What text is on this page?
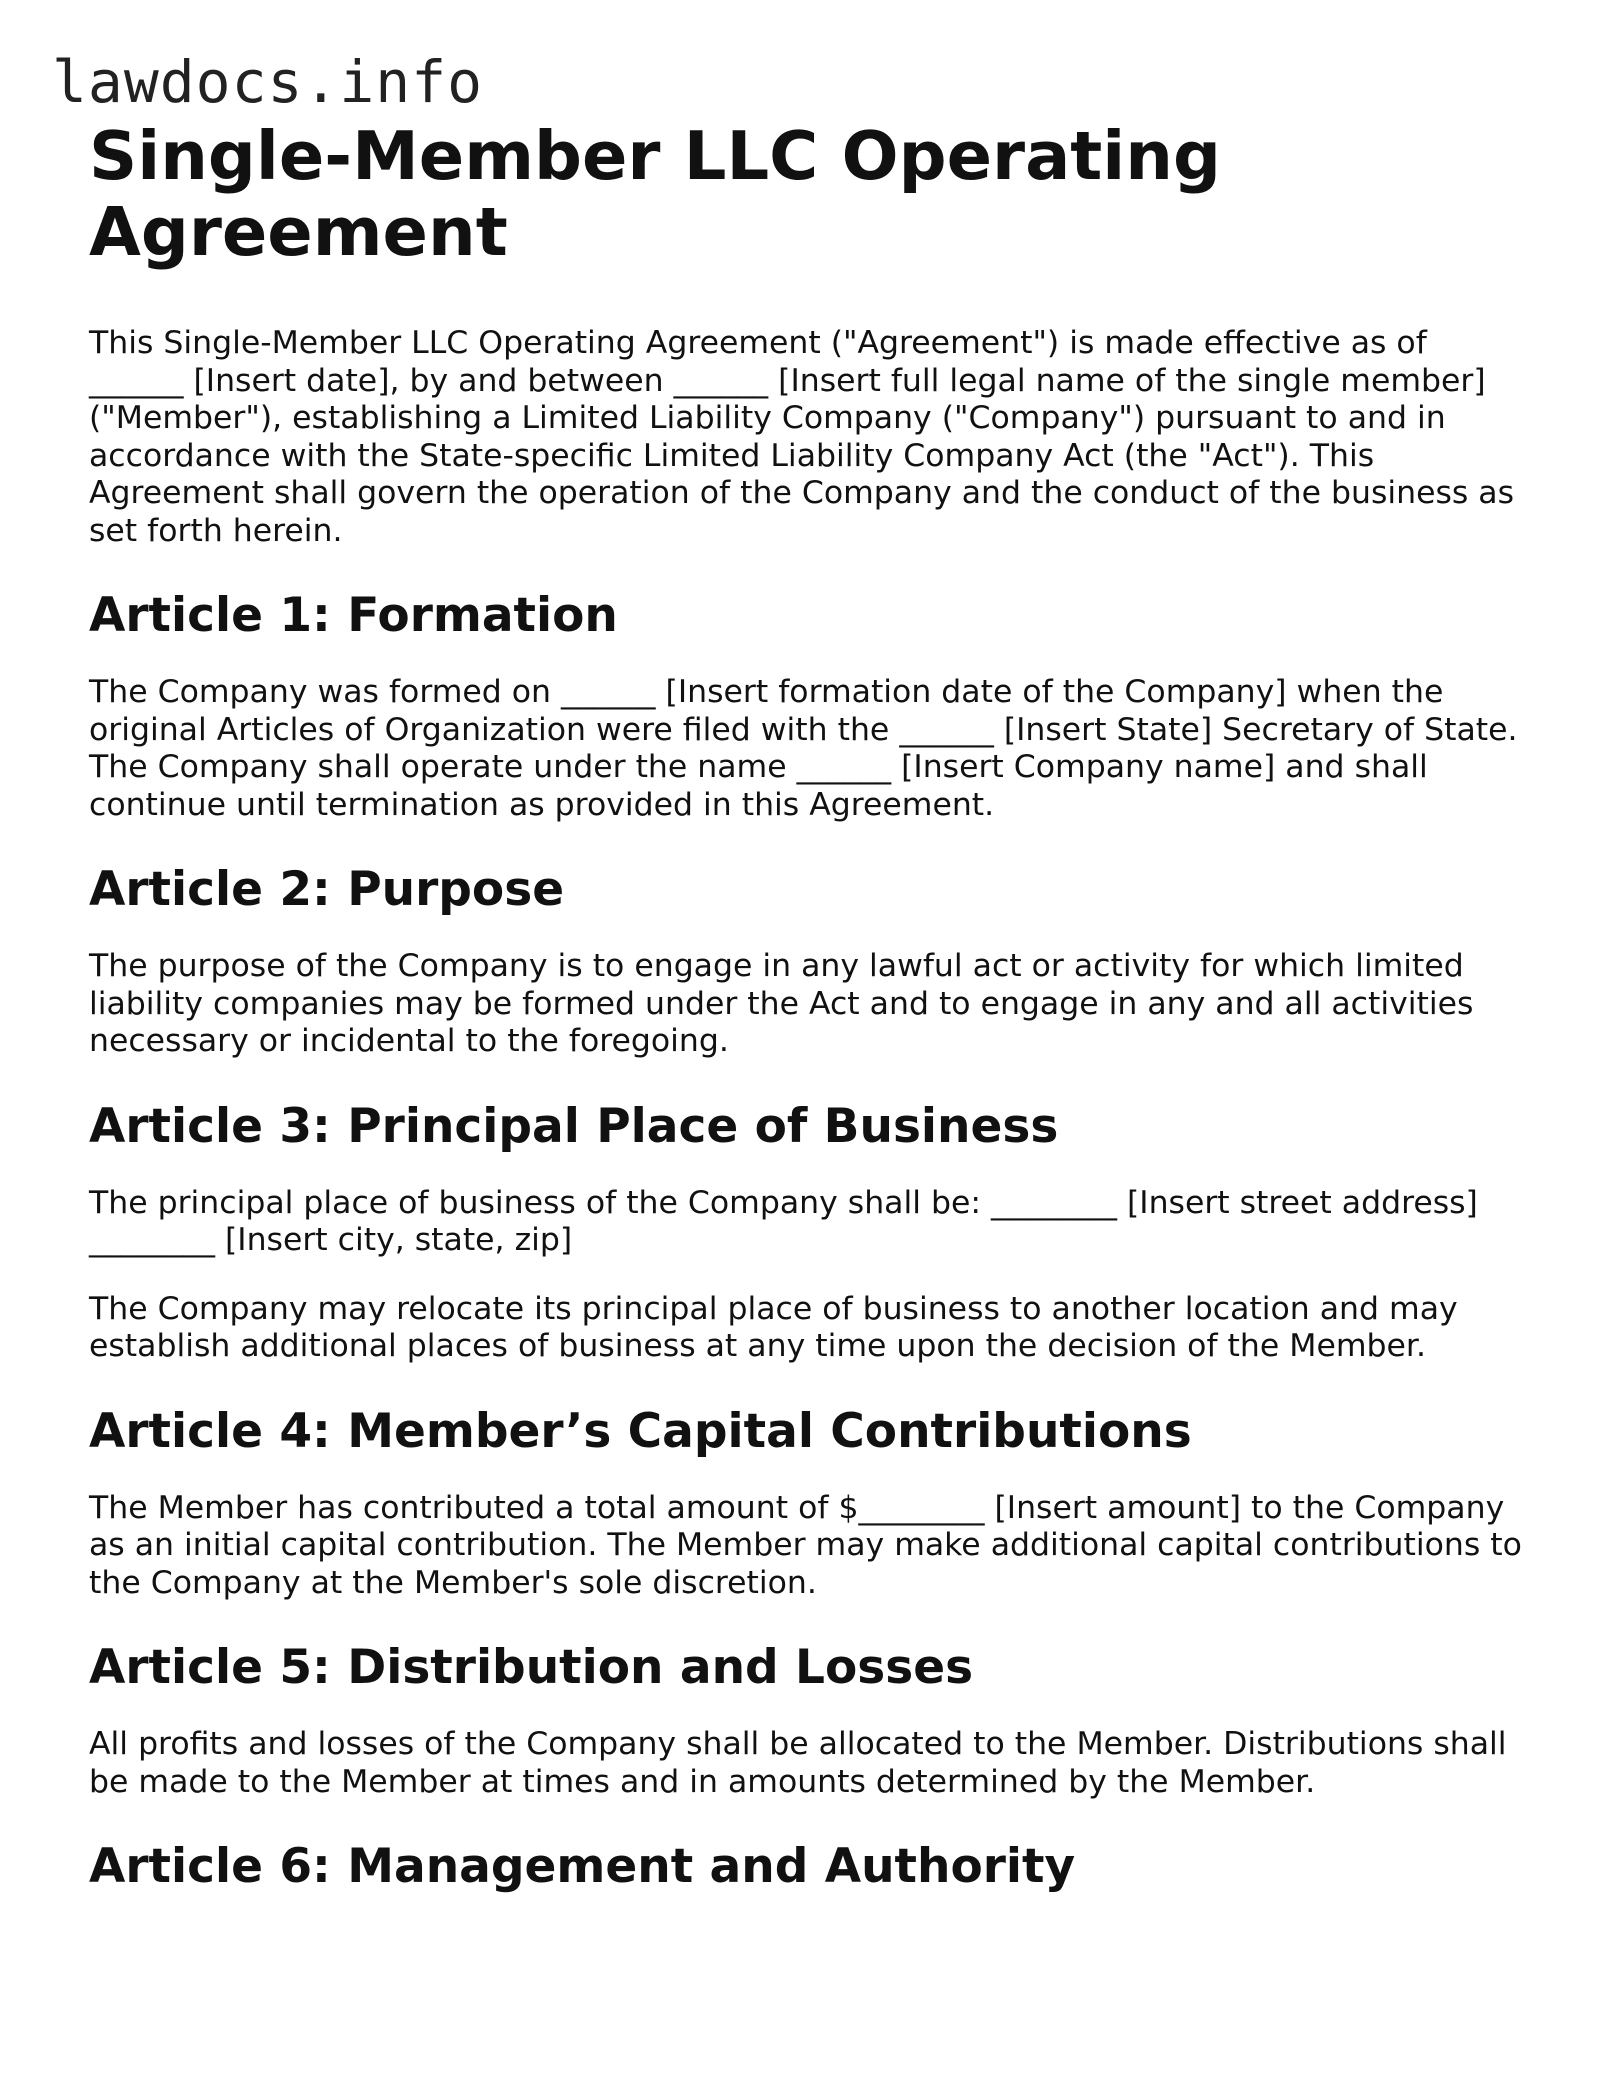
lawdocs.info
Single-Member LLC Operating Agreement

This Single-Member LLC Operating Agreement ("Agreement") is made effective as of ______ [Insert date], by and between ______ [Insert full legal name of the single member] ("Member"), establishing a Limited Liability Company ("Company") pursuant to and in accordance with the State-specific Limited Liability Company Act (the "Act"). This Agreement shall govern the operation of the Company and the conduct of the business as set forth herein.

Article 1: Formation

The Company was formed on ______ [Insert formation date of the Company] when the original Articles of Organization were filed with the ______ [Insert State] Secretary of State. The Company shall operate under the name ______ [Insert Company name] and shall continue until termination as provided in this Agreement.

Article 2: Purpose

The purpose of the Company is to engage in any lawful act or activity for which limited liability companies may be formed under the Act and to engage in any and all activities necessary or incidental to the foregoing.

Article 3: Principal Place of Business

The principal place of business of the Company shall be: ________ [Insert street address] ________ [Insert city, state, zip]

The Company may relocate its principal place of business to another location and may establish additional places of business at any time upon the decision of the Member.

Article 4: Member’s Capital Contributions

The Member has contributed a total amount of $________ [Insert amount] to the Company as an initial capital contribution. The Member may make additional capital contributions to the Company at the Member's sole discretion.

Article 5: Distribution and Losses

All profits and losses of the Company shall be allocated to the Member. Distributions shall be made to the Member at times and in amounts determined by the Member.

Article 6: Management and Authority
